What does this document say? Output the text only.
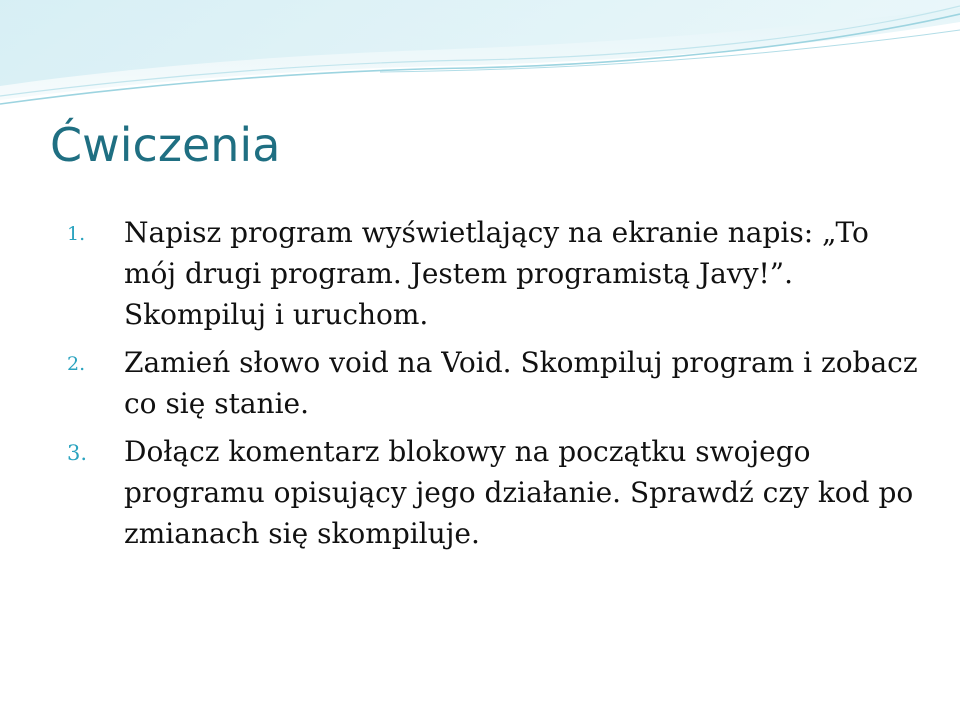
Ćwiczenia
1. Napisz program wyświetlający na ekranie napis: „To mój drugi program. Jestem programistą Javy!”. Skompiluj i uruchom.
2. Zamień słowo void na Void. Skompiluj program i zobacz co się stanie.
3. Dołącz komentarz blokowy na początku swojego programu opisujący jego działanie. Sprawdź czy kod po zmianach się skompiluje.
